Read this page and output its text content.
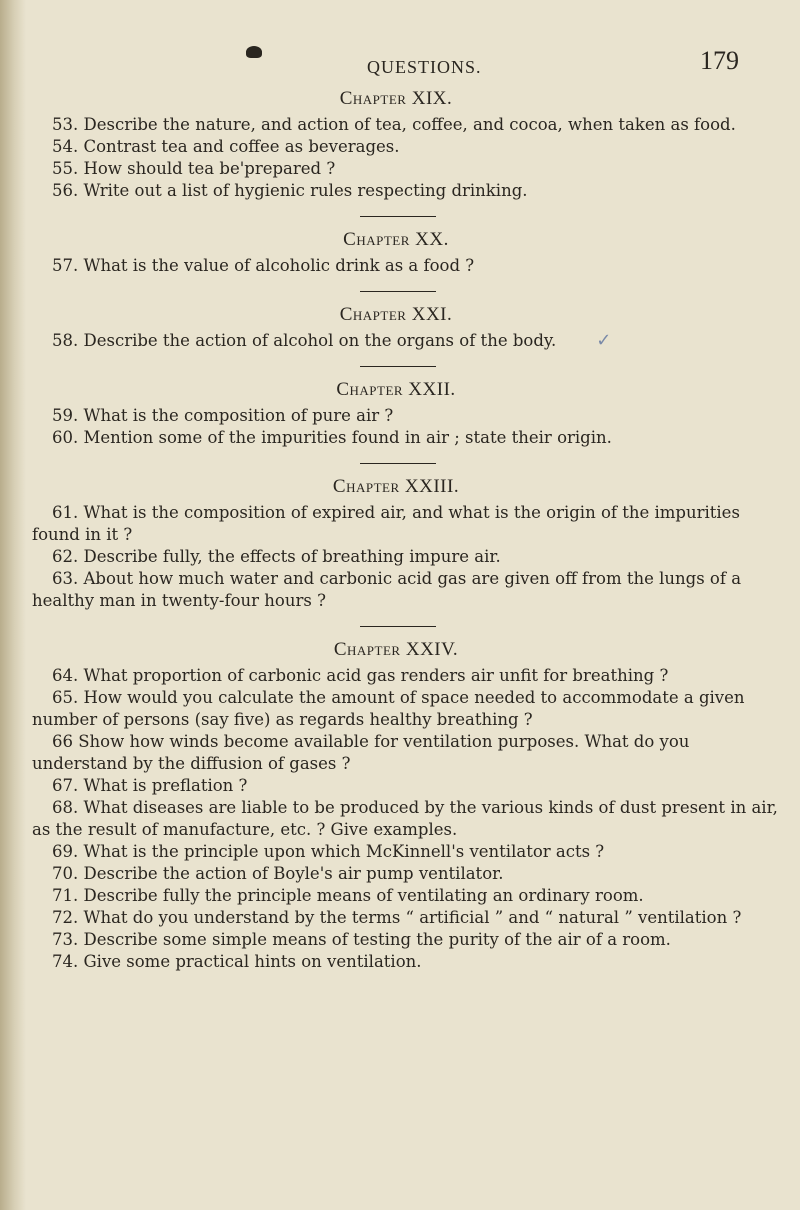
QUESTIONS.	179
Chapter XIX.

53. Describe the nature, and action of tea, coffee, and cocoa, when taken as food.

54. Contrast tea and coffee as beverages.

55. How should tea be'prepared ?

56. Write out a list of hygienic rules respecting drinking.

Chapter XX.

57. What is the value of alcoholic drink as a food ?

Chapter XXI.

58. Describe the action of alcohol on the organs of the body. ✓

Chapter XXII.

59. What is the composition of pure air ?

60. Mention some of the impurities found in air ; state their origin.

Chapter XXIII.

61. What is the composition of expired air, and what is the origin of the impurities found in it ?

62. Describe fully, the effects of breathing impure air.

63. About how much water and carbonic acid gas are given off from the lungs of a healthy man in twenty-four hours ?

Chapter XXIV.

64. What proportion of carbonic acid gas renders air unfit for breathing ?

65. How would you calculate the amount of space needed to accommodate a given number of persons (say five) as regards healthy breathing ?

66 Show how winds become available for ventilation purposes. What do you understand by the diffusion of gases ?

67. What is preflation ?

68. What diseases are liable to be produced by the various kinds of dust present in air, as the result of manufacture, etc. ? Give examples.

69. What is the principle upon which McKinnell's ventilator acts ?

70. Describe the action of Boyle's air pump ventilator.

71. Describe fully the principle means of ventilating an ordinary room.

72. What do you understand by the terms “ artificial ” and “ natural ” ventilation ?

73. Describe some simple means of testing the purity of the air of a room.

74. Give some practical hints on ventilation.
